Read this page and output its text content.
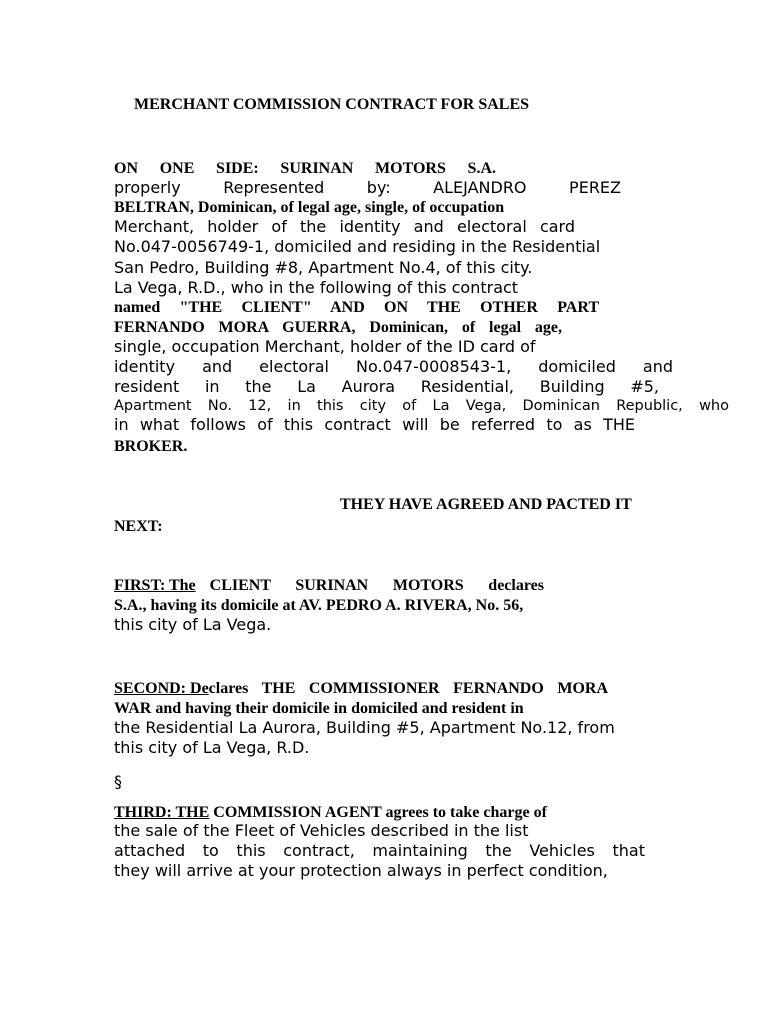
MERCHANT COMMISSION CONTRACT FOR SALES
ON ONE SIDE: SURINAN MOTORS S.A.
properly Represented by: ALEJANDRO PEREZ
BELTRAN, Dominican, of legal age, single, of occupation
Merchant, holder of the identity and electoral card
No.047-0056749-1, domiciled and residing in the Residential
San Pedro, Building #8, Apartment No.4, of this city.
La Vega, R.D., who in the following of this contract
named "THE CLIENT" AND ON THE OTHER PART
FERNANDO MORA GUERRA, Dominican, of legal age,
single, occupation Merchant, holder of the ID card of
identity and electoral No.047-0008543-1, domiciled and
resident in the La Aurora Residential, Building #5,
Apartment No. 12, in this city of La Vega, Dominican Republic, who
in what follows of this contract will be referred to as THE
BROKER.
THEY HAVE AGREED AND PACTED IT
NEXT:
FIRST: The CLIENT SURINAN MOTORS declares
S.A., having its domicile at AV. PEDRO A. RIVERA, No. 56,
this city of La Vega.
SECOND: De clares THE COMMISSIONER FERNANDO MORA
WAR and having their domicile in domiciled and resident in
the Residential La Aurora, Building #5, Apartment No.12, from
this city of La Vega, R.D.
§
THIRD: THE COMMISSION AGENT agrees to take charge of
the sale of the Fleet of Vehicles described in the list
attached to this contract, maintaining the Vehicles that
they will arrive at your protection always in perfect condition,
